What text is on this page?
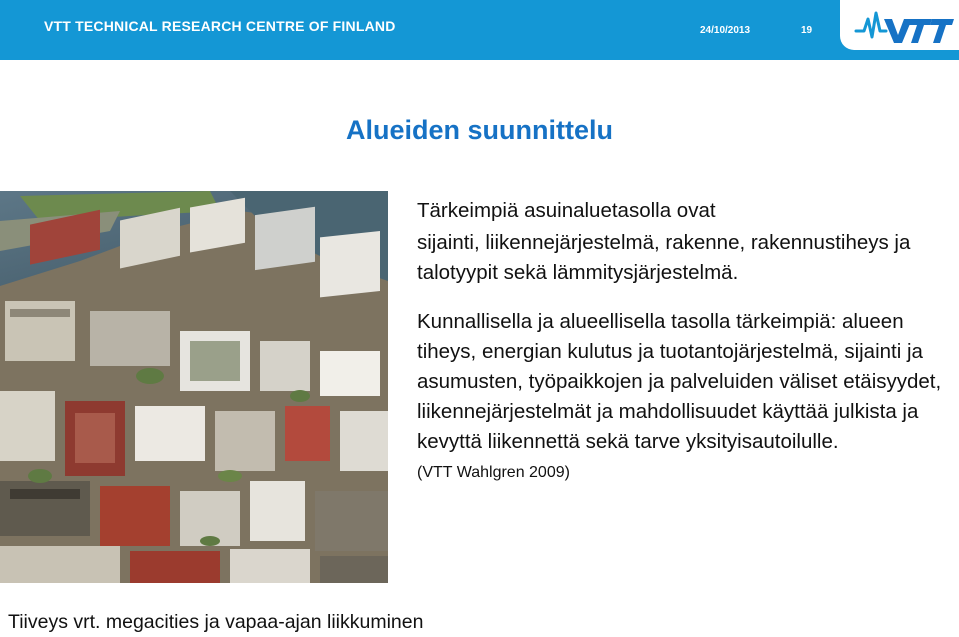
VTT TECHNICAL RESEARCH CENTRE OF FINLAND	24/10/2013	19
Alueiden suunnittelu

Tärkeimpiä asuinaluetasolla ovat

sijainti, liikennejärjestelmä, rakenne, rakennustiheys ja talotyypit sekä lämmitysjärjestelmä.

Kunnallisella ja alueellisella tasolla tärkeimpiä: alueen tiheys, energian kulutus ja tuotantojärjestelmä, sijainti ja asumusten, työpaikkojen ja palveluiden väliset etäisyydet, liikennejärjestelmät ja mahdollisuudet käyttää julkista ja kevyttä liikennettä sekä tarve yksityisautoilulle.

(VTT Wahlgren 2009)

Tiiveys vrt. megacities ja vapaa-ajan liikkuminen
